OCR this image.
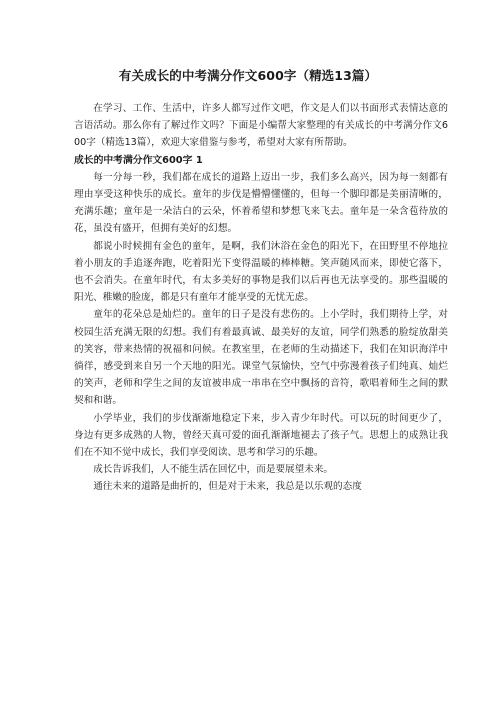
有关成长的中考满分作文600字（精选13篇）

在学习、工作、生活中，许多人都写过作文吧，作文是人们以书面形式表情达意的言语活动。那么你有了解过作文吗？下面是小编帮大家整理的有关成长的中考满分作文600字（精选13篇），欢迎大家借鉴与参考，希望对大家有所帮助。

成长的中考满分作文600字 1

每一分每一秒，我们都在成长的道路上迈出一步，我们多么高兴，因为每一刻都有理由享受这种快乐的成长。童年的步伐是懵懵懂懂的，但每一个脚印都是美丽清晰的，充满乐趣；童年是一朵洁白的云朵，怀着希望和梦想飞来飞去。童年是一朵含苞待放的花，虽没有盛开，但拥有美好的幻想。

都说小时候拥有金色的童年，是啊，我们沐浴在金色的阳光下，在田野里不停地拉着小朋友的手追逐奔跑，吃着阳光下变得温暖的棒棒糖。笑声随风而来，即使它落下，也不会消失。在童年时代，有太多美好的事物是我们以后再也无法享受的。那些温暖的阳光、稚嫩的脸庞，都是只有童年才能享受的无忧无虑。

童年的花朵总是灿烂的。童年的日子是没有悲伤的。上小学时，我们期待上学，对校园生活充满无限的幻想。我们有着最真诚、最美好的友谊，同学们熟悉的脸绽放甜美的笑容，带来热情的祝福和问候。在教室里，在老师的生动描述下，我们在知识海洋中徜徉，感受到来自另一个天地的阳光。课堂气氛愉快，空气中弥漫着孩子们纯真、灿烂的笑声，老师和学生之间的友谊被串成一串串在空中飘扬的音符，歌唱着师生之间的默契和和谐。

小学毕业，我们的步伐渐渐地稳定下来，步入青少年时代。可以玩的时间更少了，身边有更多成熟的人物，曾经天真可爱的面孔渐渐地褪去了孩子气。思想上的成熟让我们在不知不觉中成长，我们享受阅读、思考和学习的乐趣。

成长告诉我们，人不能生活在回忆中，而是要展望未来。

通往未来的道路是曲折的，但是对于未来，我总是以乐观的态度
